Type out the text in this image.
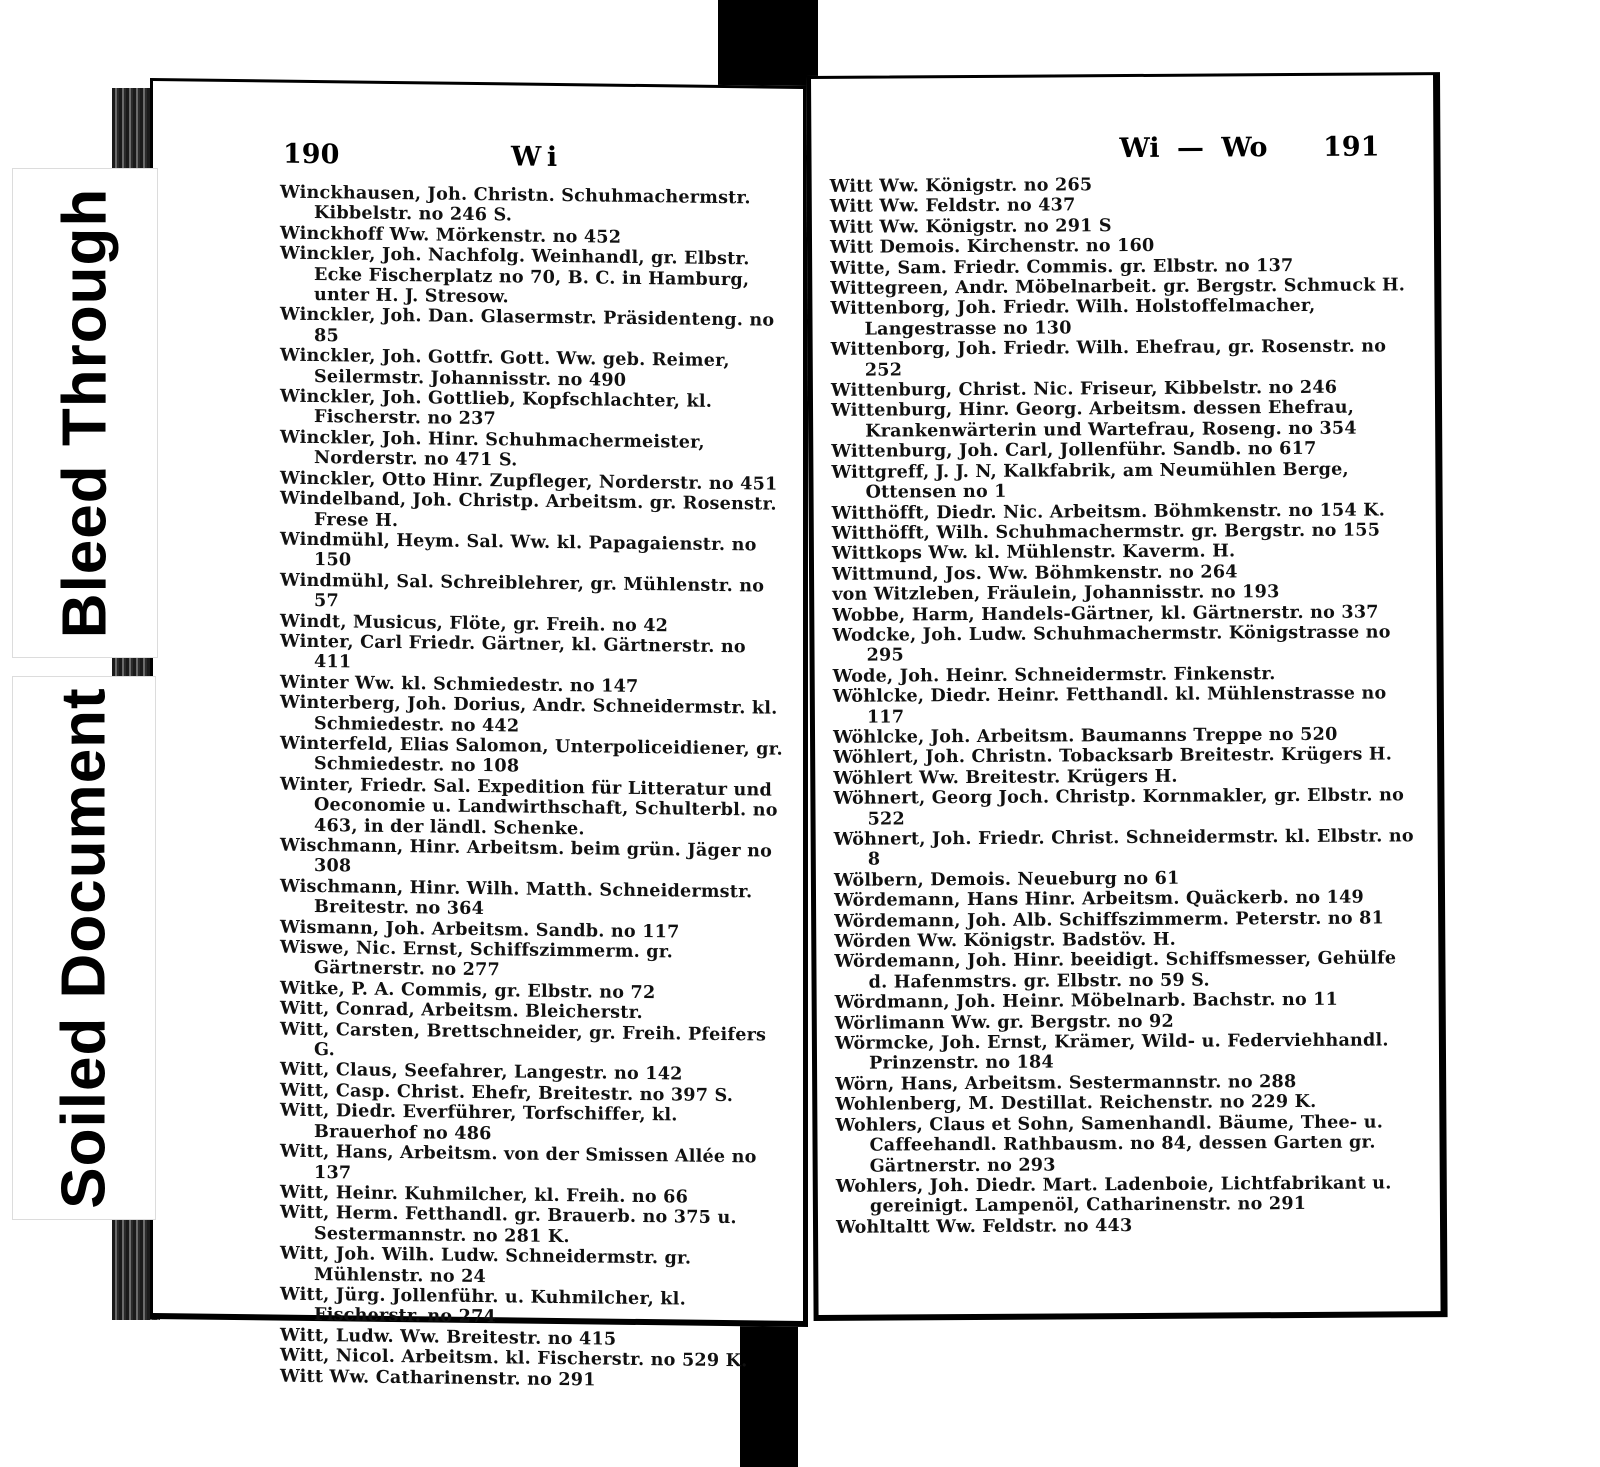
Bleed Through
Soiled Document
190	Wi
Winckhausen, Joh. Christn. Schuhmachermstr. Kibbelstr. no 246 S.
Winckhoff Ww. Mörkenstr. no 452
Winckler, Joh. Nachfolg. Weinhandl, gr. Elbstr. Ecke Fischerplatz no 70, B. C. in Hamburg, unter H. J. Stresow.
Winckler, Joh. Dan. Glasermstr. Präsidenteng. no 85
Winckler, Joh. Gottfr. Gott. Ww. geb. Reimer, Seilermstr. Johannisstr. no 490
Winckler, Joh. Gottlieb, Kopfschlachter, kl. Fischerstr. no 237
Winckler, Joh. Hinr. Schuhmachermeister, Norderstr. no 471 S.
Winckler, Otto Hinr. Zupfleger, Norderstr. no 451
Windelband, Joh. Christp. Arbeitsm. gr. Rosenstr. Frese H.
Windmühl, Heym. Sal. Ww. kl. Papagaienstr. no 150
Windmühl, Sal. Schreiblehrer, gr. Mühlenstr. no 57
Windt, Musicus, Flöte, gr. Freih. no 42
Winter, Carl Friedr. Gärtner, kl. Gärtnerstr. no 411
Winter Ww. kl. Schmiedestr. no 147
Winterberg, Joh. Dorius, Andr. Schneidermstr. kl. Schmiedestr. no 442
Winterfeld, Elias Salomon, Unterpoliceidiener, gr. Schmiedestr. no 108
Winter, Friedr. Sal. Expedition für Litteratur und Oeconomie u. Landwirthschaft, Schulterbl. no 463, in der ländl. Schenke.
Wischmann, Hinr. Arbeitsm. beim grün. Jäger no 308
Wischmann, Hinr. Wilh. Matth. Schneidermstr. Breitestr. no 364
Wismann, Joh. Arbeitsm. Sandb. no 117
Wiswe, Nic. Ernst, Schiffszimmerm. gr. Gärtnerstr. no 277
Witke, P. A. Commis, gr. Elbstr. no 72
Witt, Conrad, Arbeitsm. Bleicherstr.
Witt, Carsten, Brettschneider, gr. Freih. Pfeifers G.
Witt, Claus, Seefahrer, Langestr. no 142
Witt, Casp. Christ. Ehefr, Breitestr. no 397 S.
Witt, Diedr. Everführer, Torfschiffer, kl. Brauerhof no 486
Witt, Hans, Arbeitsm. von der Smissen Allée no 137
Witt, Heinr. Kuhmilcher, kl. Freih. no 66
Witt, Herm. Fetthandl. gr. Brauerb. no 375 u. Sestermannstr. no 281 K.
Witt, Joh. Wilh. Ludw. Schneidermstr. gr. Mühlenstr. no 24
Witt, Jürg. Jollenführ. u. Kuhmilcher, kl. Fischerstr. no 274
Witt, Ludw. Ww. Breitestr. no 415
Witt, Nicol. Arbeitsm. kl. Fischerstr. no 529 K.
Witt Ww. Catharinenstr. no 291
Wi — Wo 191
Witt Ww. Königstr. no 265
Witt Ww. Feldstr. no 437
Witt Ww. Königstr. no 291 S
Witt Demois. Kirchenstr. no 160
Witte, Sam. Friedr. Commis. gr. Elbstr. no 137
Wittegreen, Andr. Möbelnarbeit. gr. Bergstr. Schmuck H.
Wittenborg, Joh. Friedr. Wilh. Holstoffelmacher, Langestrasse no 130
Wittenborg, Joh. Friedr. Wilh. Ehefrau, gr. Rosenstr. no 252
Wittenburg, Christ. Nic. Friseur, Kibbelstr. no 246
Wittenburg, Hinr. Georg. Arbeitsm. dessen Ehefrau, Krankenwärterin und Wartefrau, Roseng. no 354
Wittenburg, Joh. Carl, Jollenführ. Sandb. no 617
Wittgreff, J. J. N, Kalkfabrik, am Neumühlen Berge, Ottensen no 1
Witthöfft, Diedr. Nic. Arbeitsm. Böhmkenstr. no 154 K.
Witthöfft, Wilh. Schuhmachermstr. gr. Bergstr. no 155
Wittkops Ww. kl. Mühlenstr. Kaverm. H.
Wittmund, Jos. Ww. Böhmkenstr. no 264
von Witzleben, Fräulein, Johannisstr. no 193
Wobbe, Harm, Handels-Gärtner, kl. Gärtnerstr. no 337
Wodcke, Joh. Ludw. Schuhmachermstr. Königstrasse no 295
Wode, Joh. Heinr. Schneidermstr. Finkenstr.
Wöhlcke, Diedr. Heinr. Fetthandl. kl. Mühlenstrasse no 117
Wöhlcke, Joh. Arbeitsm. Baumanns Treppe no 520
Wöhlert, Joh. Christn. Tobacksarb Breitestr. Krügers H.
Wöhlert Ww. Breitestr. Krügers H.
Wöhnert, Georg Joch. Christp. Kornmakler, gr. Elbstr. no 522
Wöhnert, Joh. Friedr. Christ. Schneidermstr. kl. Elbstr. no 8
Wölbern, Demois. Neueburg no 61
Wördemann, Hans Hinr. Arbeitsm. Quäckerb. no 149
Wördemann, Joh. Alb. Schiffszimmerm. Peterstr. no 81
Wörden Ww. Königstr. Badstöv. H.
Wördemann, Joh. Hinr. beeidigt. Schiffsmesser, Gehülfe d. Hafenmstrs. gr. Elbstr. no 59 S.
Wördmann, Joh. Heinr. Möbelnarb. Bachstr. no 11
Wörlimann Ww. gr. Bergstr. no 92
Wörmcke, Joh. Ernst, Krämer, Wild- u. Federviehhandl. Prinzenstr. no 184
Wörn, Hans, Arbeitsm. Sestermannstr. no 288
Wohlenberg, M. Destillat. Reichenstr. no 229 K.
Wohlers, Claus et Sohn, Samenhandl. Bäume, Thee- u. Caffeehandl. Rathbausm. no 84, dessen Garten gr. Gärtnerstr. no 293
Wohlers, Joh. Diedr. Mart. Ladenboie, Lichtfabrikant u. gereinigt. Lampenöl, Catharinenstr. no 291
Wohltaltt Ww. Feldstr. no 443
